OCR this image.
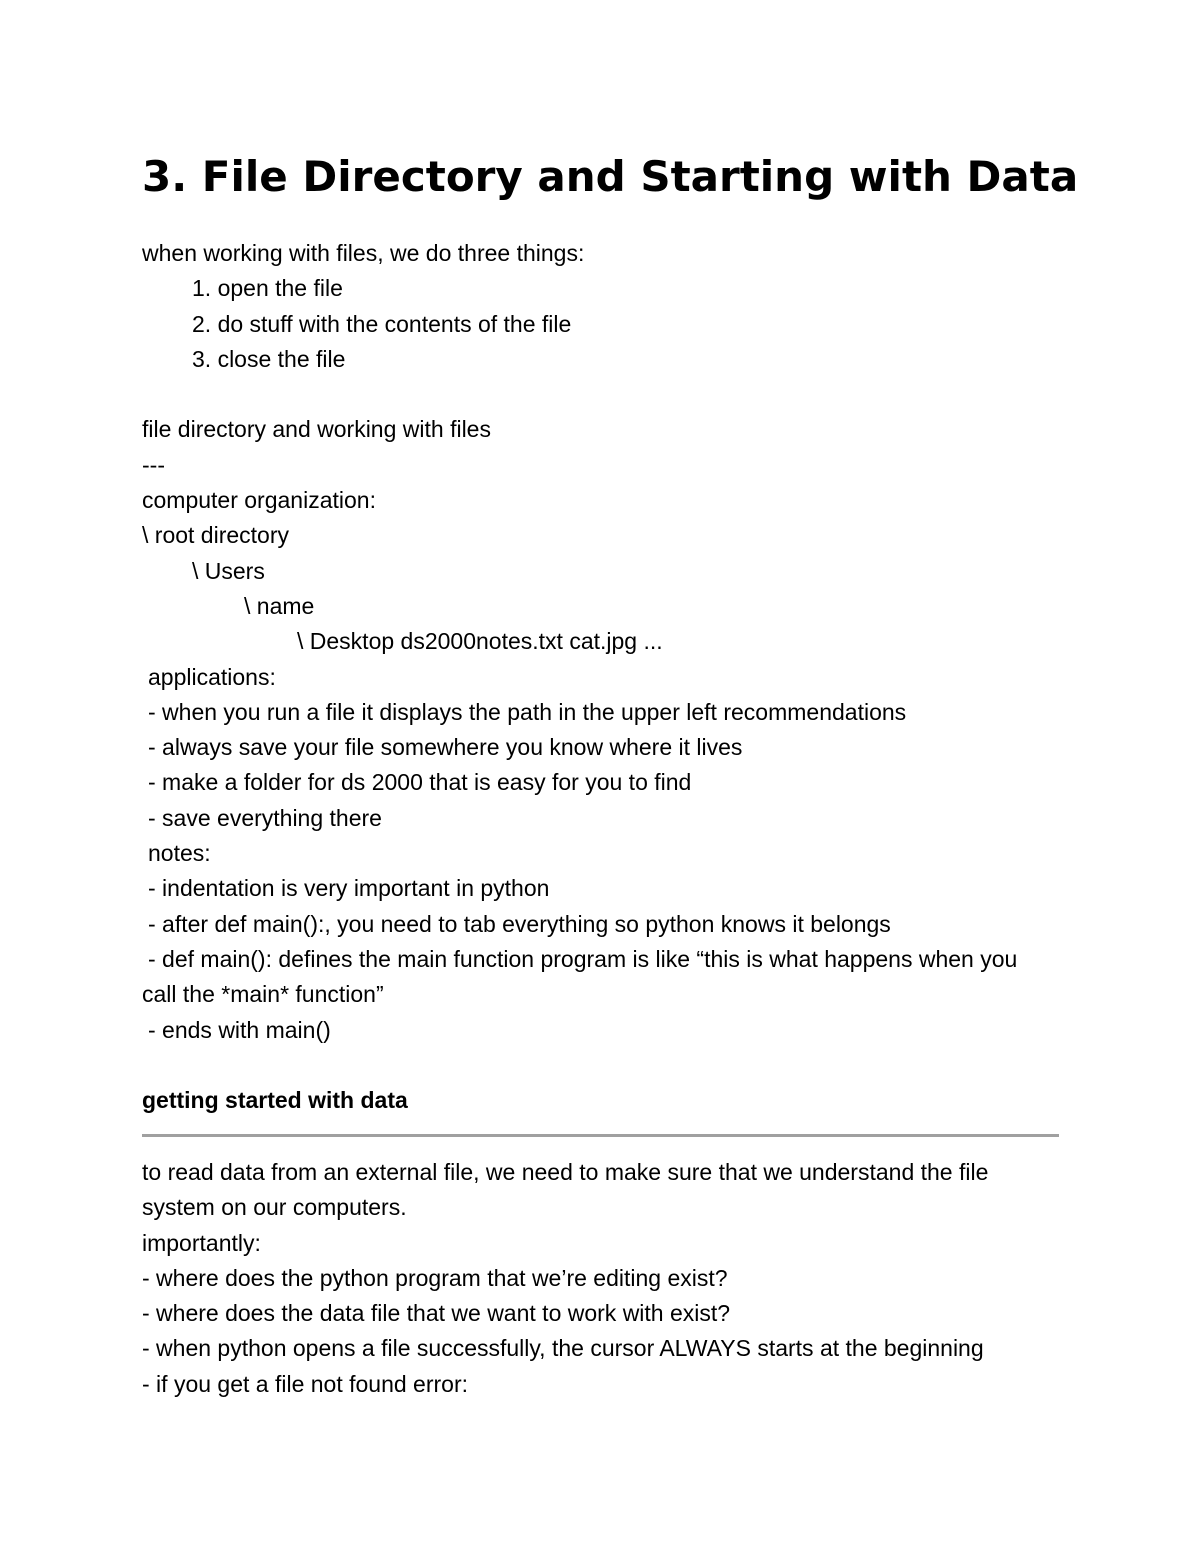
3. File Directory and Starting with Data
when working with files, we do three things:
1. open the file
2. do stuff with the contents of the file
3. close the file
file directory and working with files
---
computer organization:
\ root directory
\ Users
\ name
\ Desktop ds2000notes.txt cat.jpg ...
applications:
- when you run a file it displays the path in the upper left recommendations
- always save your file somewhere you know where it lives
- make a folder for ds 2000 that is easy for you to find
- save everything there
notes:
- indentation is very important in python
- after def main():, you need to tab everything so python knows it belongs
- def main(): defines the main function program is like “this is what happens when you
call the *main* function”
- ends with main()
getting started with data
to read data from an external file, we need to make sure that we understand the file
system on our computers.
importantly:
- where does the python program that we’re editing exist?
- where does the data file that we want to work with exist?
- when python opens a file successfully, the cursor ALWAYS starts at the beginning
- if you get a file not found error:
